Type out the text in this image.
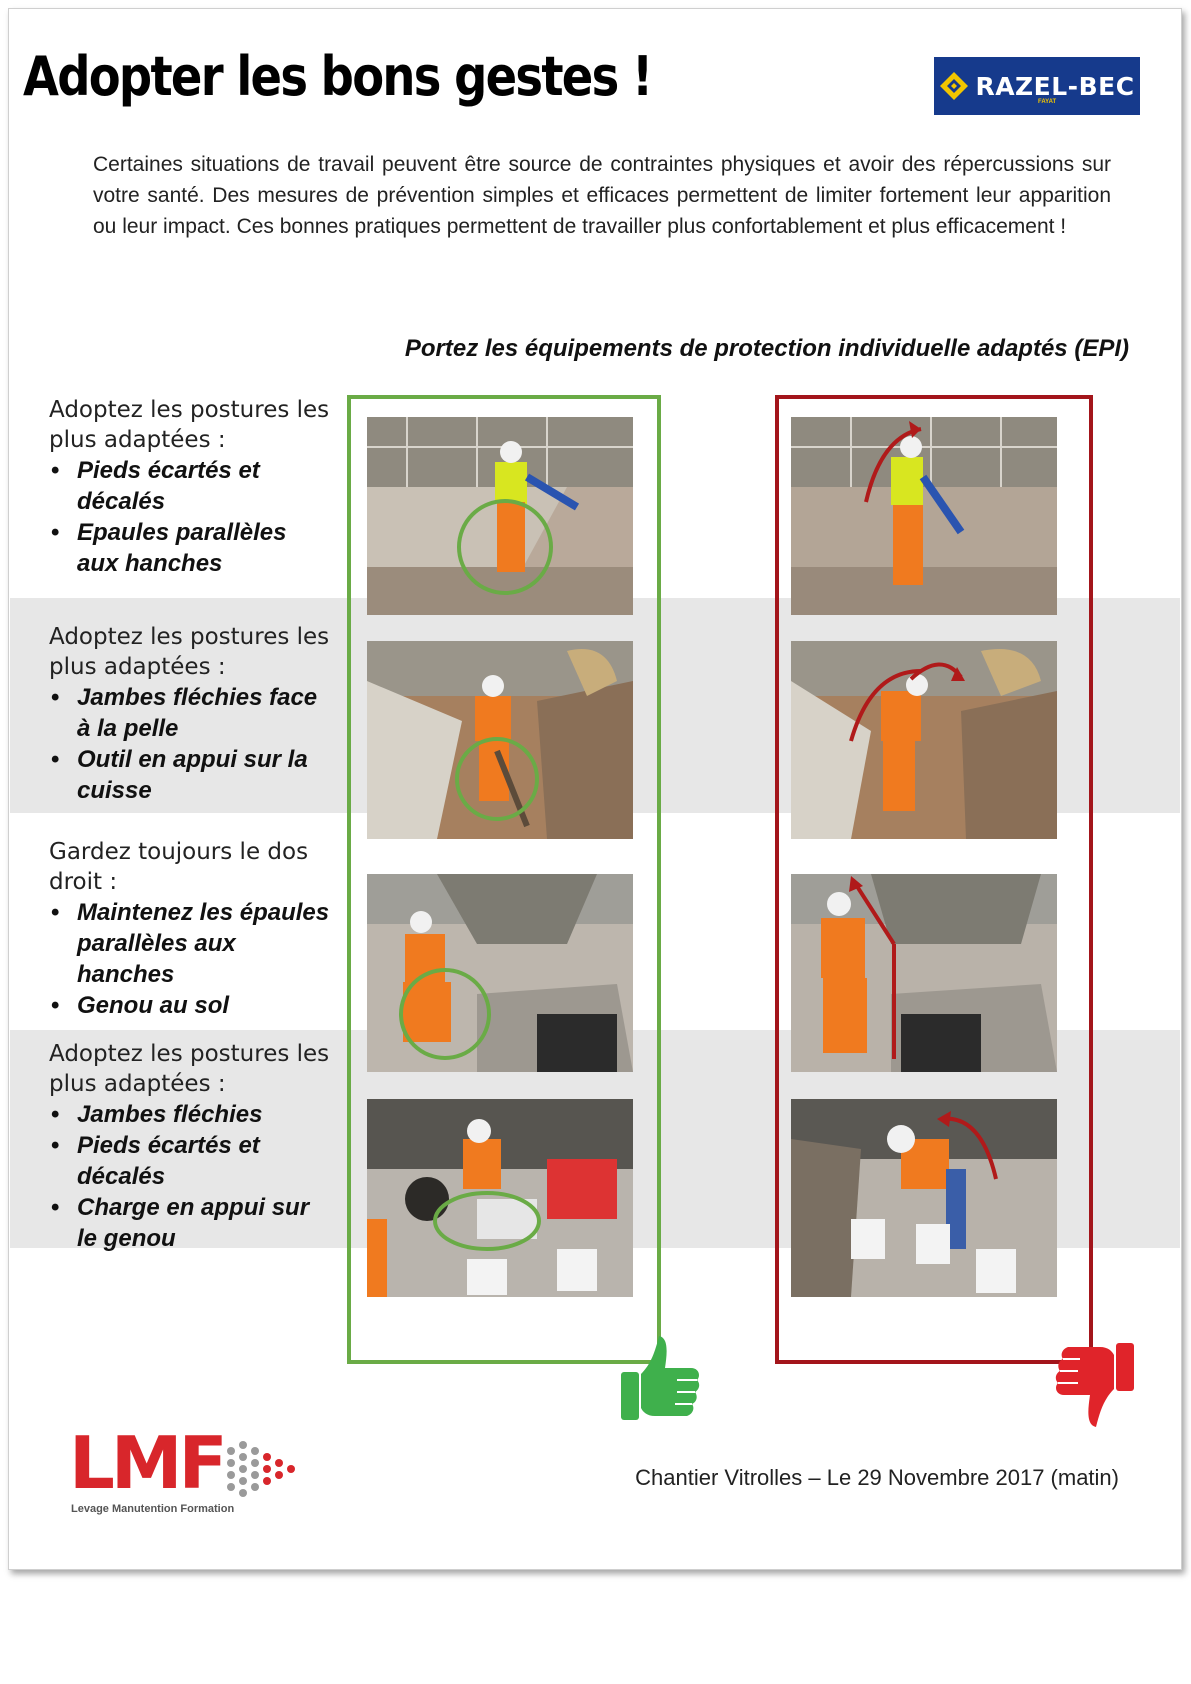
Adopter les bons gestes !	RAZEL-BEC
FAYAT

Certaines situations de travail peuvent être source de contraintes physiques et avoir des répercussions sur votre santé. Des mesures de prévention simples et efficaces permettent de limiter fortement leur apparition ou leur impact. Ces bonnes pratiques permettent de travailler plus confortablement et plus efficacement !

Portez les équipements de protection individuelle adaptés (EPI)

Adoptez les postures les plus adaptées :
• Pieds écartés et décalés
• Epaules parallèles aux hanches
Adoptez les postures les plus adaptées :
• Jambes fléchies face à la pelle
• Outil en appui sur la cuisse
Gardez toujours le dos droit :
• Maintenez les épaules parallèles aux hanches
• Genou au sol
Adoptez les postures les plus adaptées :
• Jambes fléchies
• Pieds écartés et décalés
• Charge en appui sur le genou
LMF
Levage Manutention Formation

Chantier Vitrolles – Le 29 Novembre 2017 (matin)
